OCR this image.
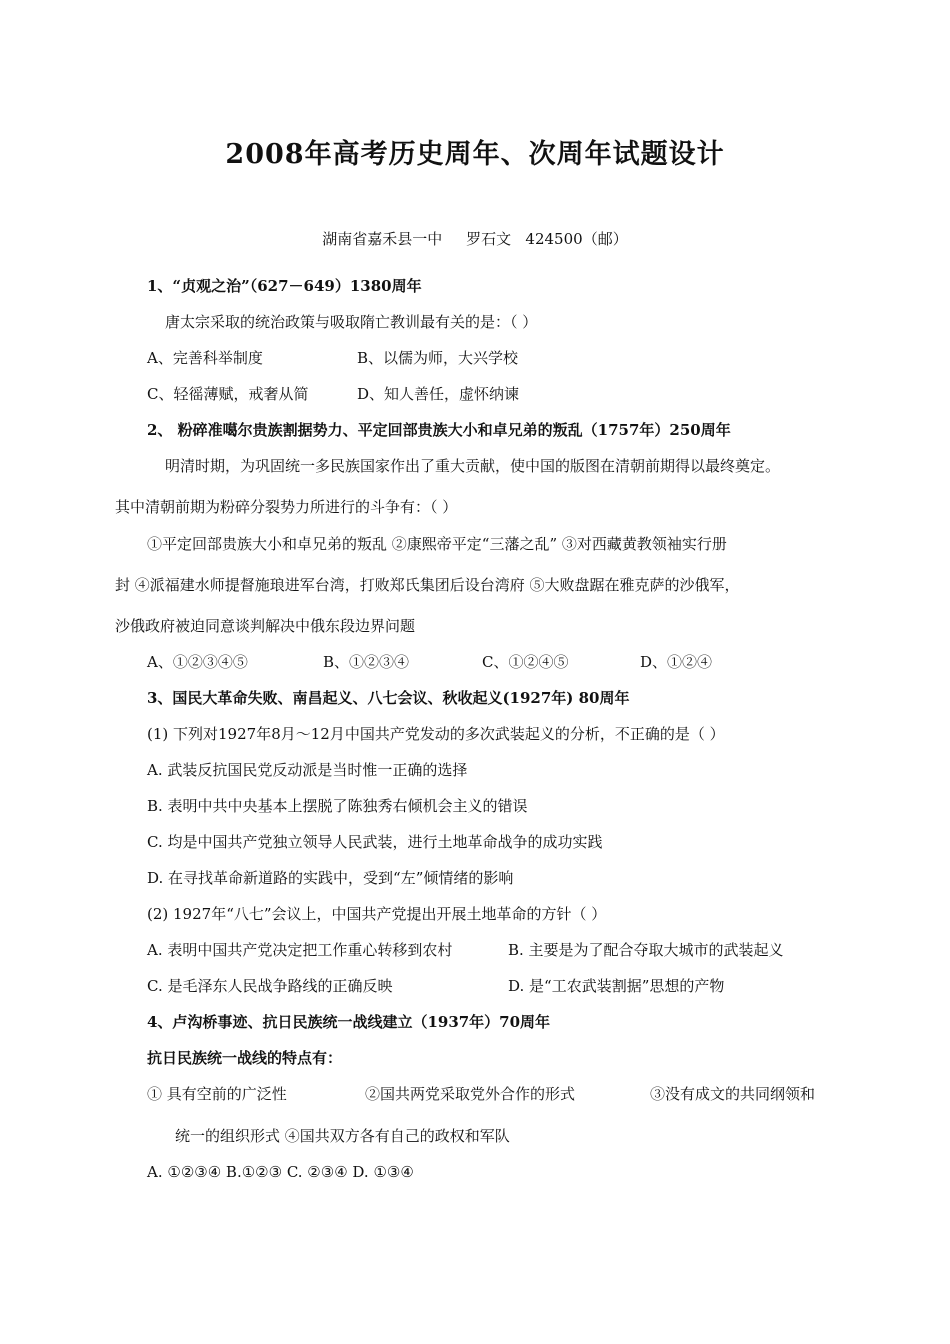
2008年高考历史周年、次周年试题设计
湖南省嘉禾县一中     罗石文   424500（邮）
1、“贞观之治”（627－649）1380周年
唐太宗采取的统治政策与吸取隋亡教训最有关的是：（ ）
A、完善科举制度	B、以儒为师，大兴学校
C、轻徭薄赋，戒奢从简	D、知人善任，虚怀纳谏
2、 粉碎准噶尔贵族割据势力、平定回部贵族大小和卓兄弟的叛乱（1757年）250周年
明清时期，为巩固统一多民族国家作出了重大贡献，使中国的版图在清朝前期得以最终奠定。
其中清朝前期为粉碎分裂势力所进行的斗争有：（ ）
①平定回部贵族大小和卓兄弟的叛乱 ②康熙帝平定“三藩之乱” ③对西藏黄教领袖实行册
封 ④派福建水师提督施琅进军台湾，打败郑氏集团后设台湾府 ⑤大败盘踞在雅克萨的沙俄军，
沙俄政府被迫同意谈判解决中俄东段边界问题
A、①②③④⑤	B、①②③④	C、①②④⑤	D、①②④
3、国民大革命失败、南昌起义、八七会议、秋收起义(1927年) 80周年
(1) 下列对1927年8月～12月中国共产党发动的多次武装起义的分析，不正确的是（ ）
A. 武装反抗国民党反动派是当时惟一正确的选择
B. 表明中共中央基本上摆脱了陈独秀右倾机会主义的错误
C. 均是中国共产党独立领导人民武装，进行土地革命战争的成功实践
D. 在寻找革命新道路的实践中，受到“左”倾情绪的影响
(2) 1927年“八七”会议上，中国共产党提出开展土地革命的方针（ ）
A. 表明中国共产党决定把工作重心转移到农村	B. 主要是为了配合夺取大城市的武装起义
C. 是毛泽东人民战争路线的正确反映	D. 是“工农武装割据”思想的产物
4、卢沟桥事迹、抗日民族统一战线建立（1937年）70周年
抗日民族统一战线的特点有：
① 具有空前的广泛性	②国共两党采取党外合作的形式	③没有成文的共同纲领和
统一的组织形式 ④国共双方各有自己的政权和军队
A. ①②③④ B.①②③ C. ②③④ D. ①③④
